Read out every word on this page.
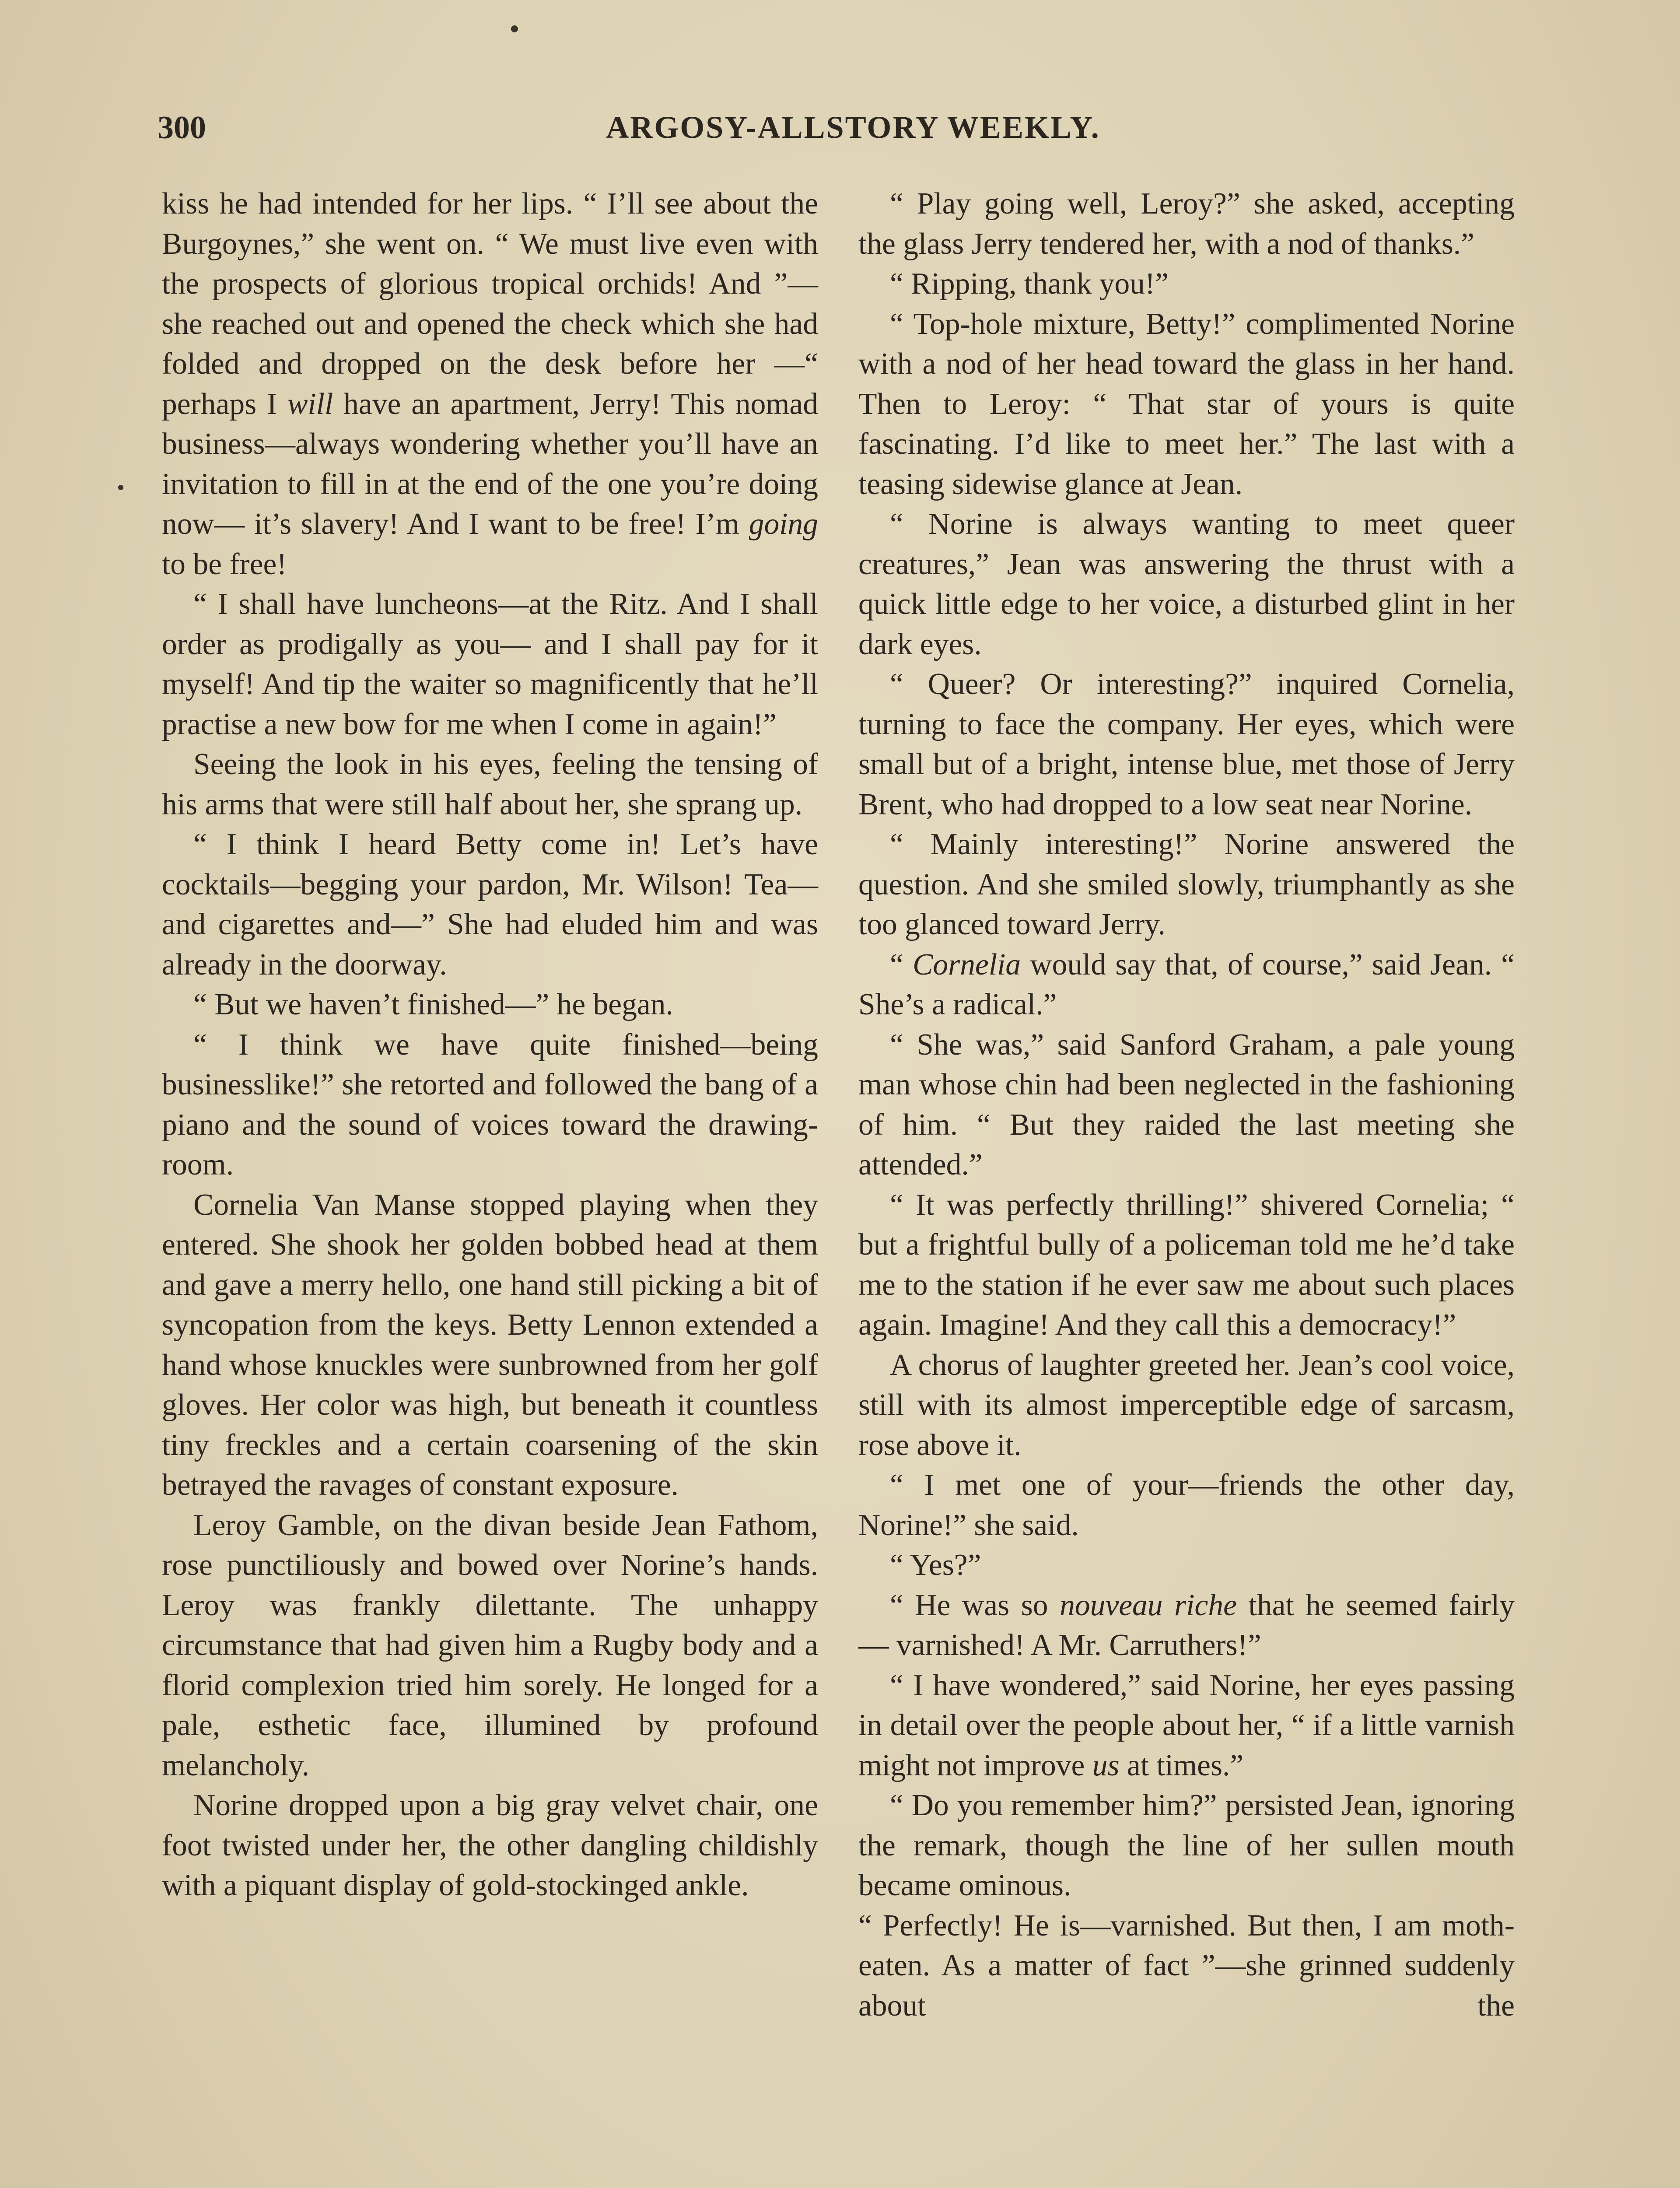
300	ARGOSY-ALLSTORY WEEKLY.

kiss he had intended for her lips. “ I’ll see about the Burgoynes,” she went on. “ We must live even with the prospects of glorious tropical orchids! And ”—she reached out and opened the check which she had folded and dropped on the desk before her —“ perhaps I will have an apartment, Jerry! This nomad business—always wondering whether you’ll have an invitation to fill in at the end of the one you’re doing now— it’s slavery! And I want to be free! I’m going to be free!

“ I shall have luncheons—at the Ritz. And I shall order as prodigally as you— and I shall pay for it myself! And tip the waiter so magnificently that he’ll practise a new bow for me when I come in again!”

Seeing the look in his eyes, feeling the tensing of his arms that were still half about her, she sprang up.

“ I think I heard Betty come in! Let’s have cocktails—begging your pardon, Mr. Wilson! Tea—and cigarettes and—” She had eluded him and was already in the doorway.

“ But we haven’t finished—” he began.

“ I think we have quite finished—being businesslike!” she retorted and followed the bang of a piano and the sound of voices toward the drawing-room.

Cornelia Van Manse stopped playing when they entered. She shook her golden bobbed head at them and gave a merry hello, one hand still picking a bit of syncopation from the keys. Betty Lennon extended a hand whose knuckles were sunbrowned from her golf gloves. Her color was high, but beneath it countless tiny freckles and a certain coarsening of the skin betrayed the ravages of constant exposure.

Leroy Gamble, on the divan beside Jean Fathom, rose punctiliously and bowed over Norine’s hands. Leroy was frankly dilettante. The unhappy circumstance that had given him a Rugby body and a florid complexion tried him sorely. He longed for a pale, esthetic face, illumined by profound melancholy.

Norine dropped upon a big gray velvet chair, one foot twisted under her, the other dangling childishly with a piquant display of gold-stockinged ankle.

“ Play going well, Leroy?” she asked, accepting the glass Jerry tendered her, with a nod of thanks.”

“ Ripping, thank you!”

“ Top-hole mixture, Betty!” complimented Norine with a nod of her head toward the glass in her hand. Then to Leroy: “ That star of yours is quite fascinating. I’d like to meet her.” The last with a teasing sidewise glance at Jean.

“ Norine is always wanting to meet queer creatures,” Jean was answering the thrust with a quick little edge to her voice, a disturbed glint in her dark eyes.

“ Queer? Or interesting?” inquired Cornelia, turning to face the company. Her eyes, which were small but of a bright, intense blue, met those of Jerry Brent, who had dropped to a low seat near Norine.

“ Mainly interesting!” Norine answered the question. And she smiled slowly, triumphantly as she too glanced toward Jerry.

“ Cornelia would say that, of course,” said Jean. “ She’s a radical.”

“ She was,” said Sanford Graham, a pale young man whose chin had been neglected in the fashioning of him. “ But they raided the last meeting she attended.”

“ It was perfectly thrilling!” shivered Cornelia; “ but a frightful bully of a policeman told me he’d take me to the station if he ever saw me about such places again. Imagine! And they call this a democracy!”

A chorus of laughter greeted her. Jean’s cool voice, still with its almost imperceptible edge of sarcasm, rose above it.

“ I met one of your—friends the other day, Norine!” she said.

“ Yes?”

“ He was so nouveau riche that he seemed fairly — varnished! A Mr. Carruthers!”

“ I have wondered,” said Norine, her eyes passing in detail over the people about her, “ if a little varnish might not improve us at times.”

“ Do you remember him?” persisted Jean, ignoring the remark, though the line of her sullen mouth became ominous.

“ Perfectly! He is—varnished. But then, I am moth-eaten. As a matter of fact ”—she grinned suddenly about the
